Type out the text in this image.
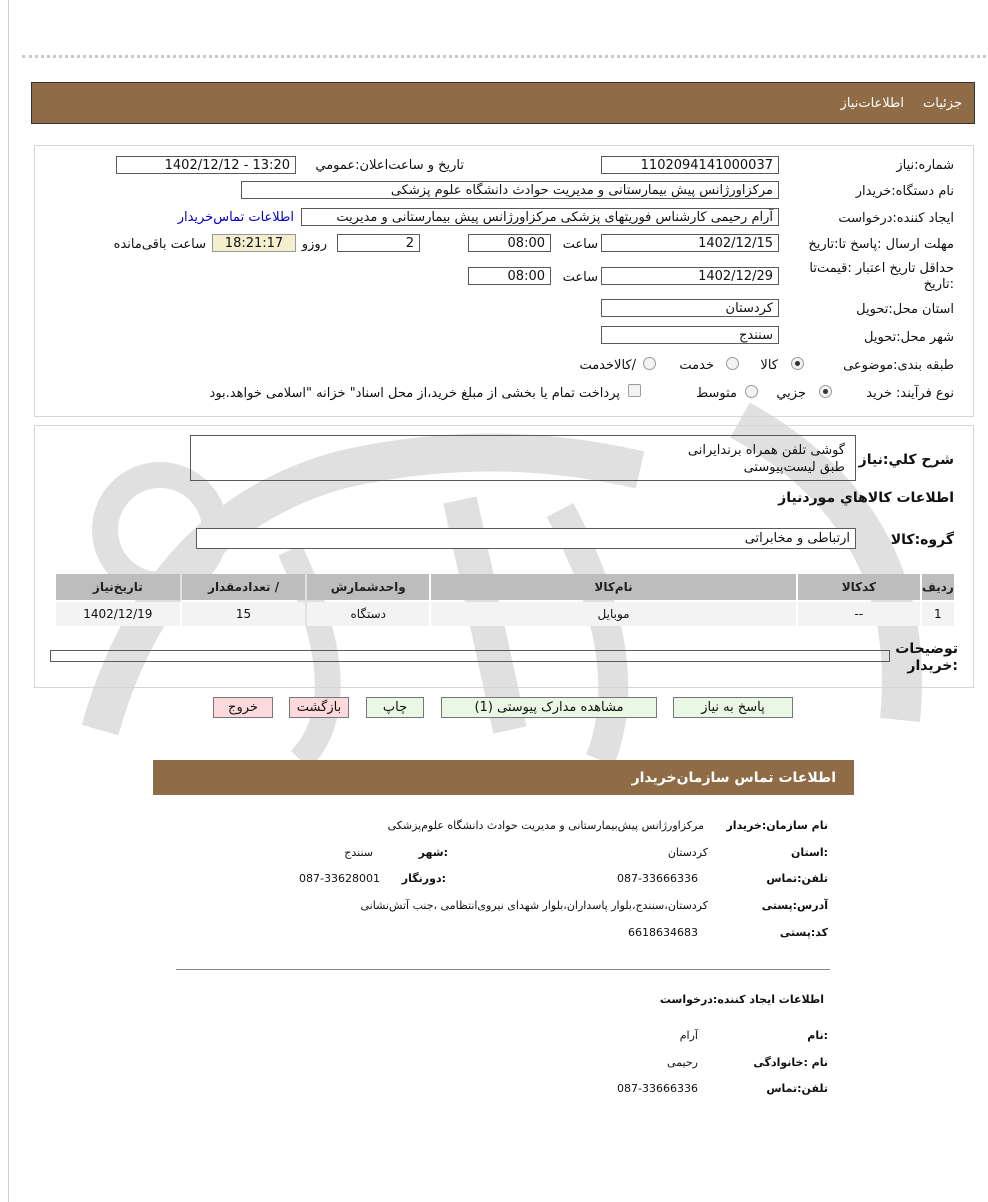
جزئیات
اطلاعات‌نیاز
شماره:نیاز
1102094141000037
تاریخ و ساعت‌اعلان:عمومي
1402/12/12 - 13:20
نام دستگاه:خریدار
مرکزاورژانس پیش بیمارستانی و مدیریت حوادث دانشگاه علوم پزشکی
ایجاد کننده:درخواست
آرام رحیمی کارشناس فوریتهای پزشکی مرکزاورژانس پیش بیمارستانی و مدیریت
اطلاعات تماس‌خریدار
مهلت ارسال :پاسخ تا:تاریخ
1402/12/15
ساعت
08:00
2
روزو
18:21:17
ساعت باقی‌مانده
حداقل تاریخ اعتبار :قیمت‌تا :تاریخ
1402/12/29
ساعت
08:00
استان محل:تحویل
کردستان
شهر محل:تحویل
سنندج
طبقه بندی:موضوعی
کالا
خدمت
/کالاخدمت
نوع فرآیند: خرید
جزیي
متوسط
پرداخت تمام یا بخشی از مبلغ خرید،از محل اسناد" خزانه "اسلامی خواهد.بود
شرح کلي:نیاز
گوشی تلفن همراه برندایرانی
طبق لیست‌پیوستی
اطلاعات کالاهاي موردنیاز
گروه:کالا
ارتباطی و مخابراتی
ردیف	کدکالا	نام‌کالا	واحدشمارش	/ تعدادمقدار	تاریخ‌نیاز
1	--	موبایل	دستگاه	15	1402/12/19
توضیحات :خریدار
پاسخ به نیاز
مشاهده مدارک پیوستی (1)
چاپ
بازگشت
خروج
اطلاعات تماس سازمان‌خریدار
نام سازمان:خریدار
مرکزاورژانس پیش‌بیمارستانی و مدیریت حوادث دانشگاه علوم‌پزشکی
:استان
کردستان
:شهر
سنندج
تلفن:تماس
087-33666336
:دورنگار
087-33628001
آدرس:پستی
کردستان،سنندج،بلوار پاسداران،بلوار شهدای نیروی‌انتظامی ،جنب آتش‌نشانی
کد:پستی
6618634683
اطلاعات ایجاد کننده:درخواست
:نام
آرام
نام :خانوادگی
رحیمی
تلفن:تماس
087-33666336
